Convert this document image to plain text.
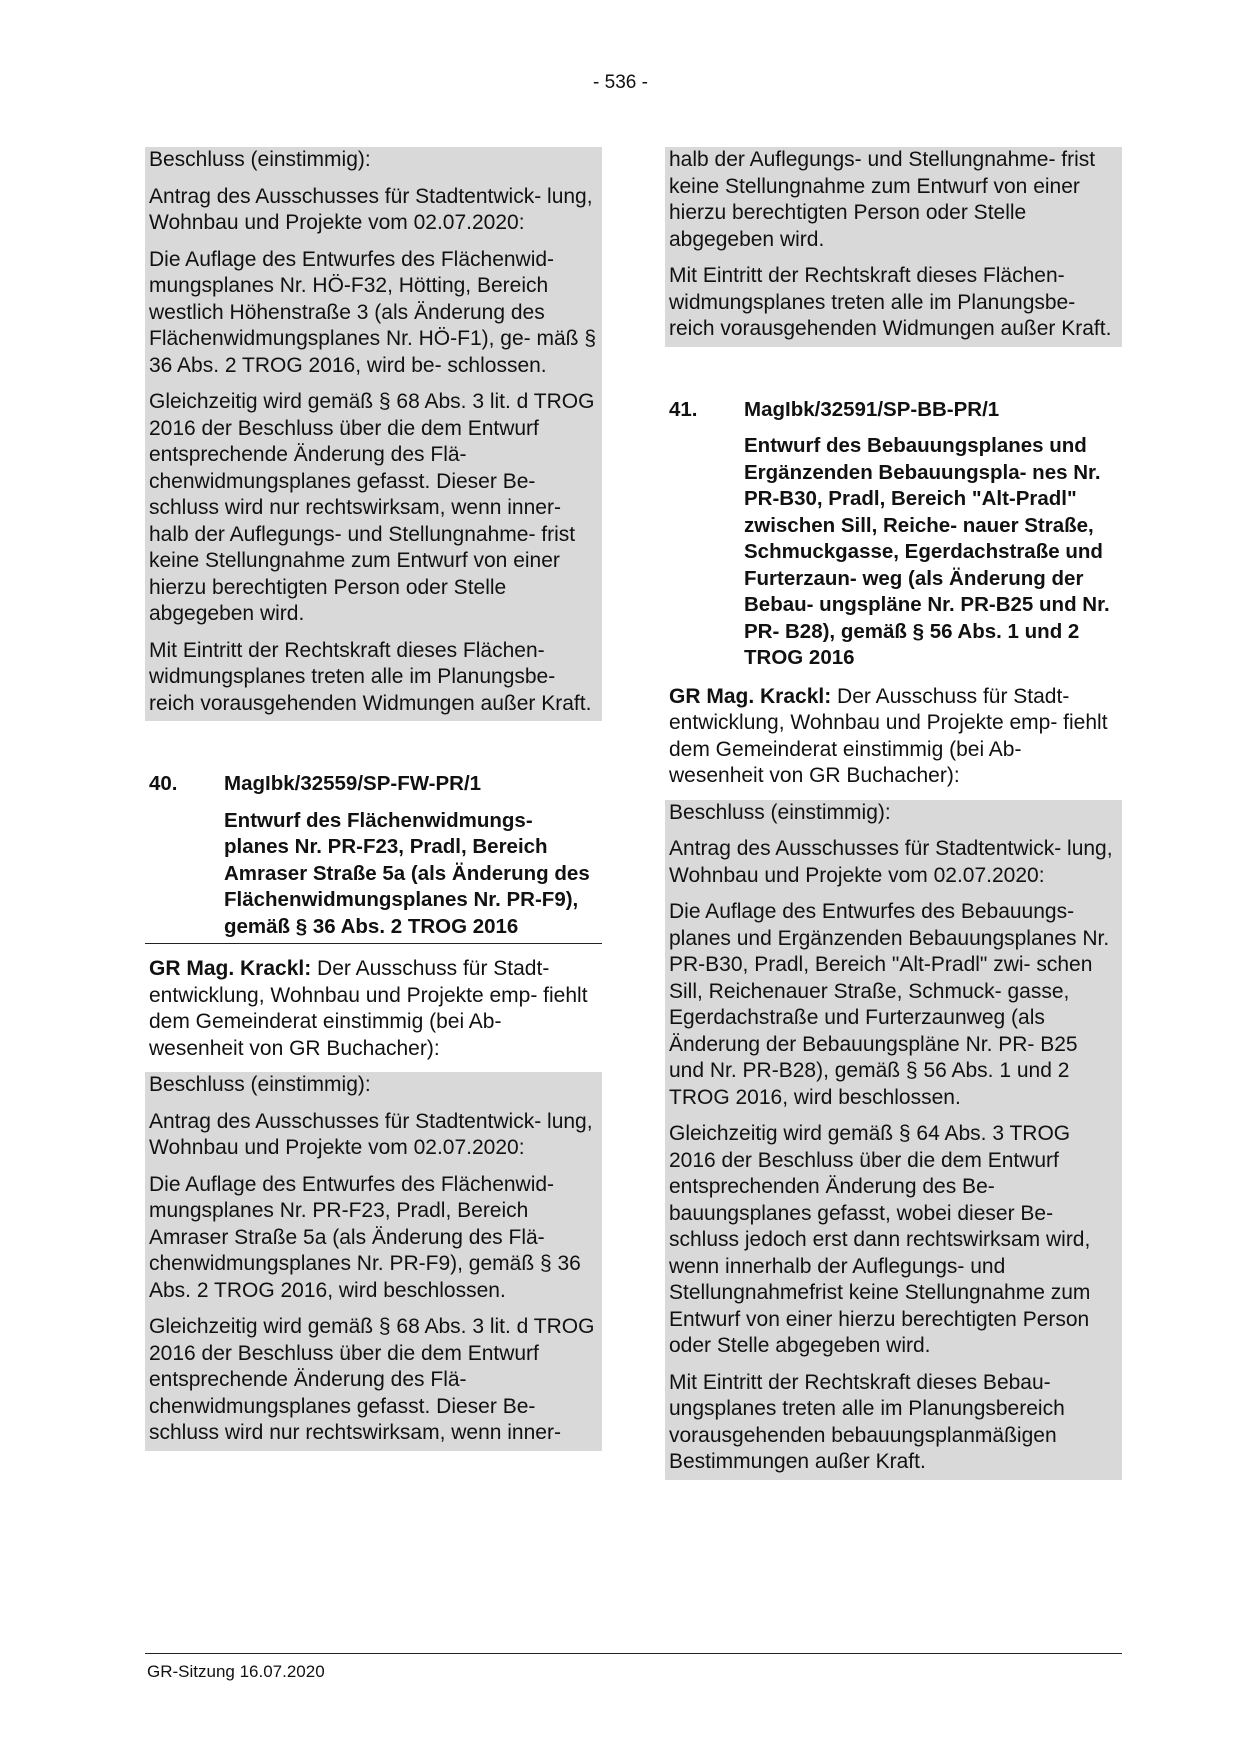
- 536 -

Beschluss (einstimmig):

Antrag des Ausschusses für Stadtentwick- lung, Wohnbau und Projekte vom 02.07.2020:

Die Auflage des Entwurfes des Flächenwid- mungsplanes Nr. HÖ-F32, Hötting, Bereich westlich Höhenstraße 3 (als Änderung des Flächenwidmungsplanes Nr. HÖ-F1), ge- mäß § 36 Abs. 2 TROG 2016, wird be- schlossen.

Gleichzeitig wird gemäß § 68 Abs. 3 lit. d TROG 2016 der Beschluss über die dem Entwurf entsprechende Änderung des Flä- chenwidmungsplanes gefasst. Dieser Be- schluss wird nur rechtswirksam, wenn inner- halb der Auflegungs- und Stellungnahme- frist keine Stellungnahme zum Entwurf von einer hierzu berechtigten Person oder Stelle abgegeben wird.

Mit Eintritt der Rechtskraft dieses Flächen- widmungsplanes treten alle im Planungsbe- reich vorausgehenden Widmungen außer Kraft.

40.	MagIbk/32559/SP-FW-PR/1
Entwurf des Flächenwidmungs- planes Nr. PR-F23, Pradl, Bereich Amraser Straße 5a (als Änderung des Flächenwidmungsplanes Nr. PR-F9), gemäß § 36 Abs. 2 TROG 2016
GR Mag. Krackl: Der Ausschuss für Stadt- entwicklung, Wohnbau und Projekte emp- fiehlt dem Gemeinderat einstimmig (bei Ab- wesenheit von GR Buchacher):

Beschluss (einstimmig):

Antrag des Ausschusses für Stadtentwick- lung, Wohnbau und Projekte vom 02.07.2020:

Die Auflage des Entwurfes des Flächenwid- mungsplanes Nr. PR-F23, Pradl, Bereich Amraser Straße 5a (als Änderung des Flä- chenwidmungsplanes Nr. PR-F9), gemäß § 36 Abs. 2 TROG 2016, wird beschlossen.

Gleichzeitig wird gemäß § 68 Abs. 3 lit. d TROG 2016 der Beschluss über die dem Entwurf entsprechende Änderung des Flä- chenwidmungsplanes gefasst. Dieser Be- schluss wird nur rechtswirksam, wenn inner-

halb der Auflegungs- und Stellungnahme- frist keine Stellungnahme zum Entwurf von einer hierzu berechtigten Person oder Stelle abgegeben wird.

Mit Eintritt der Rechtskraft dieses Flächen- widmungsplanes treten alle im Planungsbe- reich vorausgehenden Widmungen außer Kraft.

41.	MagIbk/32591/SP-BB-PR/1
Entwurf des Bebauungsplanes und Ergänzenden Bebauungspla- nes Nr. PR-B30, Pradl, Bereich "Alt-Pradl" zwischen Sill, Reiche- nauer Straße, Schmuckgasse, Egerdachstraße und Furterzaun- weg (als Änderung der Bebau- ungspläne Nr. PR-B25 und Nr. PR- B28), gemäß § 56 Abs. 1 und 2 TROG 2016
GR Mag. Krackl: Der Ausschuss für Stadt- entwicklung, Wohnbau und Projekte emp- fiehlt dem Gemeinderat einstimmig (bei Ab- wesenheit von GR Buchacher):

Beschluss (einstimmig):

Antrag des Ausschusses für Stadtentwick- lung, Wohnbau und Projekte vom 02.07.2020:

Die Auflage des Entwurfes des Bebauungs- planes und Ergänzenden Bebauungsplanes Nr. PR-B30, Pradl, Bereich "Alt-Pradl" zwi- schen Sill, Reichenauer Straße, Schmuck- gasse, Egerdachstraße und Furterzaunweg (als Änderung der Bebauungspläne Nr. PR- B25 und Nr. PR-B28), gemäß § 56 Abs. 1 und 2 TROG 2016, wird beschlossen.

Gleichzeitig wird gemäß § 64 Abs. 3 TROG 2016 der Beschluss über die dem Entwurf entsprechenden Änderung des Be- bauungsplanes gefasst, wobei dieser Be- schluss jedoch erst dann rechtswirksam wird, wenn innerhalb der Auflegungs- und Stellungnahmefrist keine Stellungnahme zum Entwurf von einer hierzu berechtigten Person oder Stelle abgegeben wird.

Mit Eintritt der Rechtskraft dieses Bebau- ungsplanes treten alle im Planungsbereich vorausgehenden bebauungsplanmäßigen Bestimmungen außer Kraft.

GR-Sitzung 16.07.2020
